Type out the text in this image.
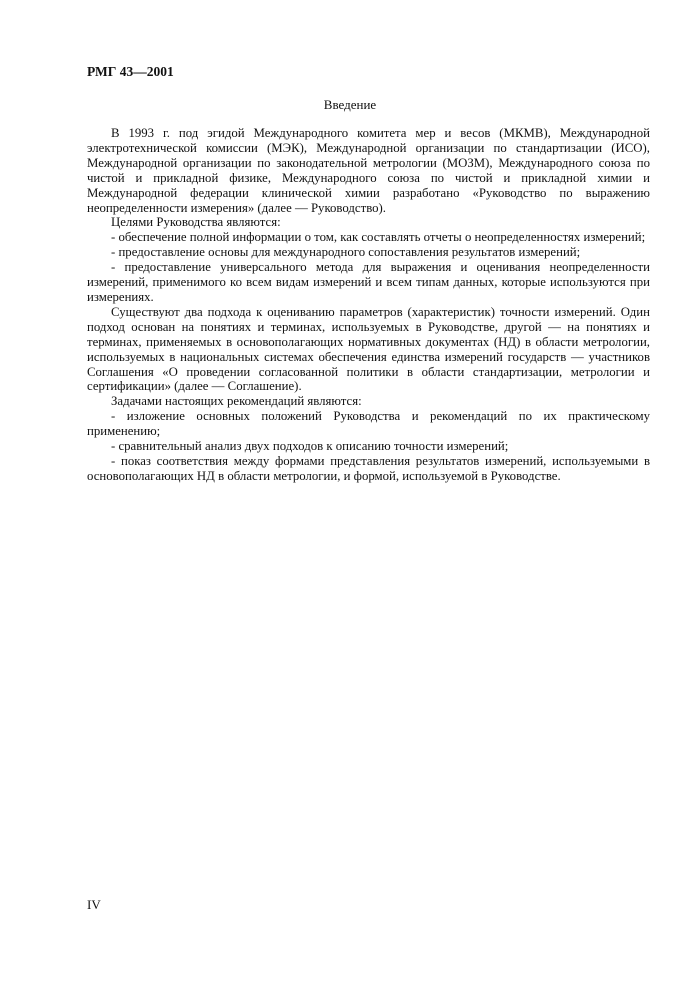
РМГ 43—2001
Введение

В 1993 г. под эгидой Международного комитета мер и весов (МКМВ), Международной электротехнической комиссии (МЭК), Международной организации по стандартизации (ИСО), Международной организации по законодательной метрологии (МОЗМ), Международного союза по чистой и прикладной физике, Международного союза по чистой и прикладной химии и Международной федерации клинической химии разработано «Руководство по выражению неопределенности измерения» (далее — Руководство).

Целями Руководства являются:

- обеспечение полной информации о том, как составлять отчеты о неопределенностях измерений;

- предоставление основы для международного сопоставления результатов измерений;

- предоставление универсального метода для выражения и оценивания неопределенности измерений, применимого ко всем видам измерений и всем типам данных, которые используются при измерениях.

Существуют два подхода к оцениванию параметров (характеристик) точности измерений. Один подход основан на понятиях и терминах, используемых в Руководстве, другой — на понятиях и терминах, применяемых в основополагающих нормативных документах (НД) в области метрологии, используемых в национальных системах обеспечения единства измерений государств — участников Соглашения «О проведении согласованной политики в области стандартизации, метрологии и сертификации» (далее — Соглашение).

Задачами настоящих рекомендаций являются:

- изложение основных положений Руководства и рекомендаций по их практическому применению;

- сравнительный анализ двух подходов к описанию точности измерений;

- показ соответствия между формами представления результатов измерений, используемыми в основополагающих НД в области метрологии, и формой, используемой в Руководстве.

IV
